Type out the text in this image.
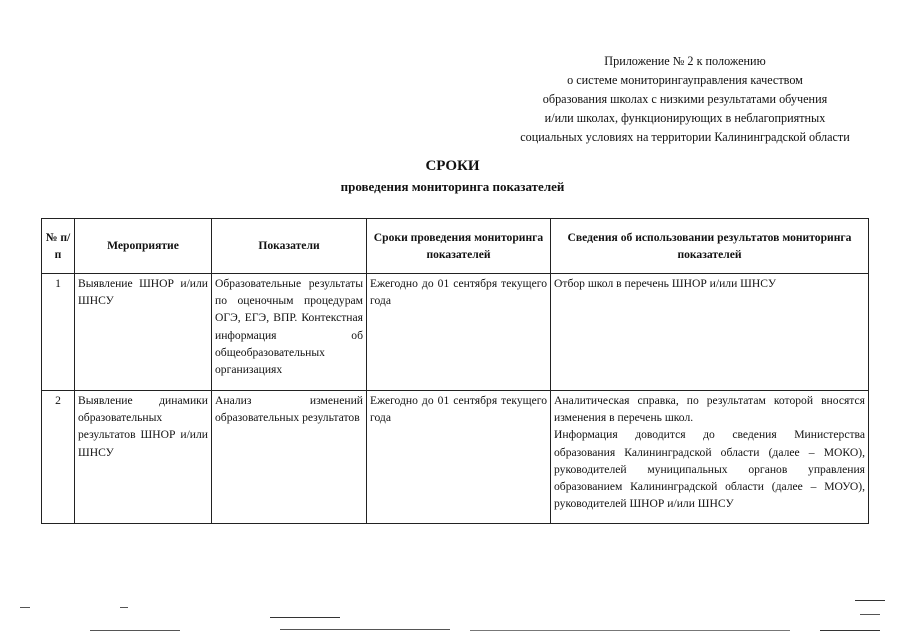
Приложение № 2 к положению
о системе мониторингауправления качеством
образования школах с низкими результатами обучения
и/или школах, функционирующих в неблагоприятных
социальных условиях на территории Калининградской области
СРОКИ
проведения мониторинга показателей
№ п/п	Мероприятие	Показатели	Сроки проведения мониторинга показателей	Сведения об использовании результатов мониторинга показателей
1	Выявление ШНОР и/или ШНСУ	Образовательные результаты по оценочным процедурам ОГЭ, ЕГЭ, ВПР. Контекстная информация об общеобразовательных организациях	Ежегодно до 01 сентября текущего года	Отбор школ в перечень ШНОР и/или ШНСУ

2	Выявление динамики образовательных результатов ШНОР и/или ШНСУ	Анализ изменений образовательных результатов	Ежегодно до 01 сентября текущего года	Аналитическая справка, по результатам которой вносятся изменения в перечень школ.
Информация доводится до сведения Министерства образования Калининградской области (далее – МОКО), руководителей муниципальных органов управления образованием Калининградской области (далее – МОУО), руководителей ШНОР и/или ШНСУ
